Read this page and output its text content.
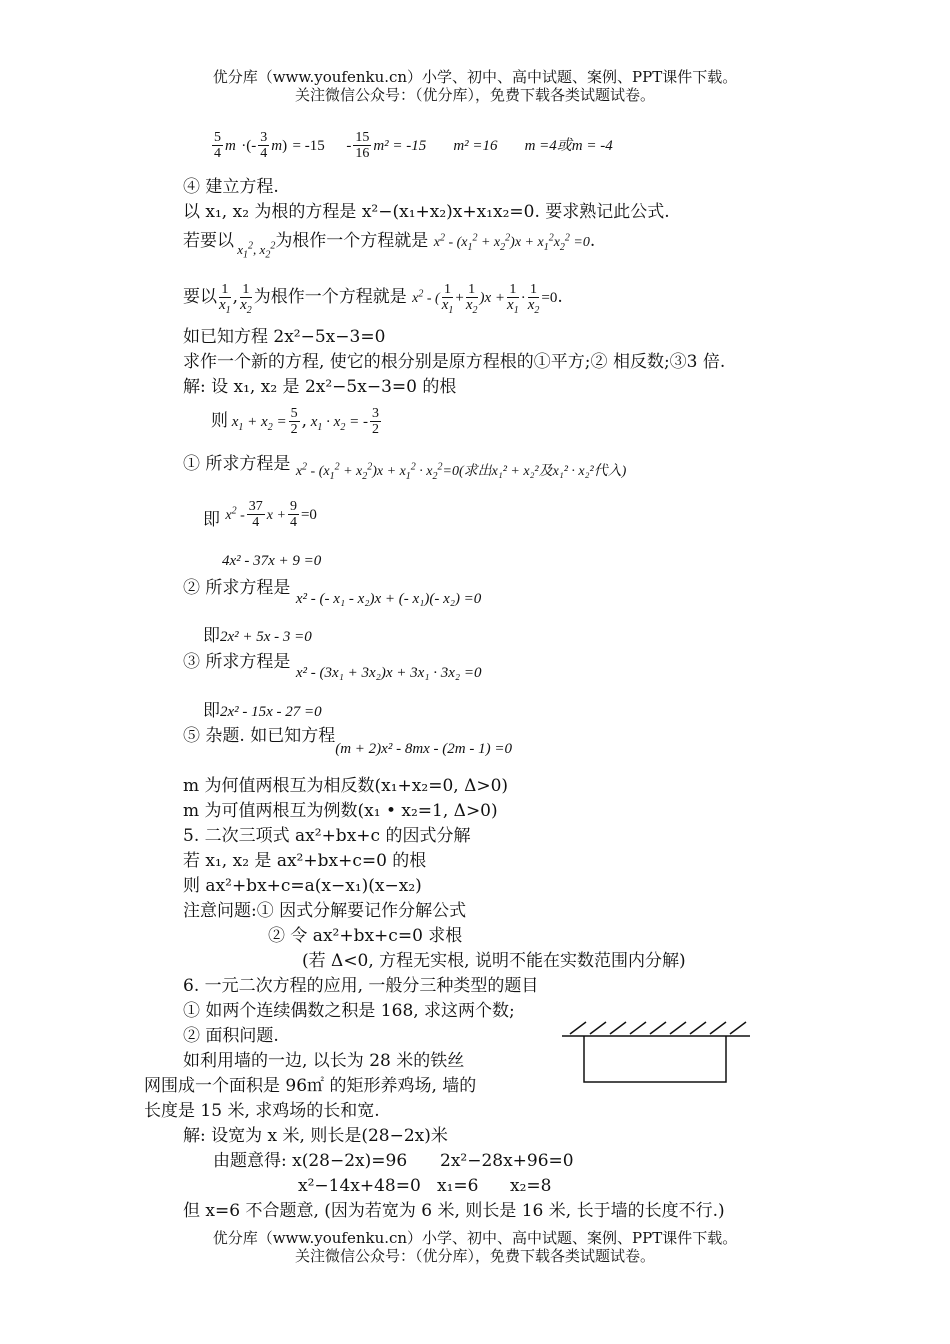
优分库（www.youfenku.cn）小学、初中、高中试题、案例、PPT课件下载。
关注微信公众号：（优分库），免费下载各类试题试卷。
$\frac{5}{4}$ m ·(- $\frac{3}{4} m) = -15 - \frac{15}{16} m^2 = -15$ m² =16 m =4或m = -4
④ 建立方程.
以 x₁, x₂ 为根的方程是 x²−(x₁+x₂)x+x₁x₂=0. 要求熟记此公式.
若要以 $_{x_1^2, x_2^2}$为根作一个方程就是 $x^2 - (x_1^2 + x_2^2)x + x_1^2x_2^2 =0$.
要以 $\frac{1}{x_1}$ , $\frac{1}{x_2}$ 为根作一个方程就是 $x^2$ - ( $\frac{1}{x_1} + \frac{1}{x_2} )x + \frac{1}{x_1} \cdot \frac{1}{x_2} =0$.
如已知方程 2x²−5x−3=0
求作一个新的方程, 使它的根分别是原方程根的①平方;② 相反数;③3 倍.
解: 设 x₁, x₂ 是 2x²−5x−3=0 的根
则 $x_1 + x_2 = \frac{5}{2}$ , $x_1 \cdot x_2$ = - $\frac{3}{2}$
① 所求方程是 $_{x^2 - (x_1^2 + x_2^2)x + x_1^2 \cdot x_2^2=0(求出x_1^2 + x_2^2及x_1^2 \cdot x_2^2代入)}$
即 $^{x^2 -} \frac{37}{4} ^{x +} \frac{9}{4} =0$
4x² - 37x + 9 =0
② 所求方程是 x² - (- x₁ - x₂)x + (- x₁)(- x₂) =0
即2x² + 5x - 3 =0
③ 所求方程是 x² - (3x₁ + 3x₂)x + 3x₁ · 3x₂ =0
即2x² - 15x - 27 =0
⑤ 杂题. 如已知方程(m + 2)x² - 8mx - (2m - 1) =0
m 为何值两根互为相反数(x₁+x₂=0, Δ>0)
m 为可值两根互为例数(x₁ • x₂=1, Δ>0)
5. 二次三项式 ax²+bx+c 的因式分解
若 x₁, x₂ 是 ax²+bx+c=0 的根
则 ax²+bx+c=a(x−x₁)(x−x₂)
注意问题:① 因式分解要记作分解公式
② 令 ax²+bx+c=0 求根
(若 Δ<0, 方程无实根, 说明不能在实数范围内分解)
6. 一元二次方程的应用, 一般分三种类型的题目
① 如两个连续偶数之积是 168, 求这两个数;
② 面积问题.
如利用墙的一边, 以长为 28 米的铁丝
网围成一个面积是 96㎡ 的矩形养鸡场, 墙的
长度是 15 米, 求鸡场的长和宽.
解: 设宽为 x 米, 则长是(28−2x)米
由题意得: x(28−2x)=96 2x²−28x+96=0
x²−14x+48=0 x₁=6 x₂=8
但 x=6 不合题意, (因为若宽为 6 米, 则长是 16 米, 长于墙的长度不行.)
优分库（www.youfenku.cn）小学、初中、高中试题、案例、PPT课件下载。
关注微信公众号：（优分库），免费下载各类试题试卷。
